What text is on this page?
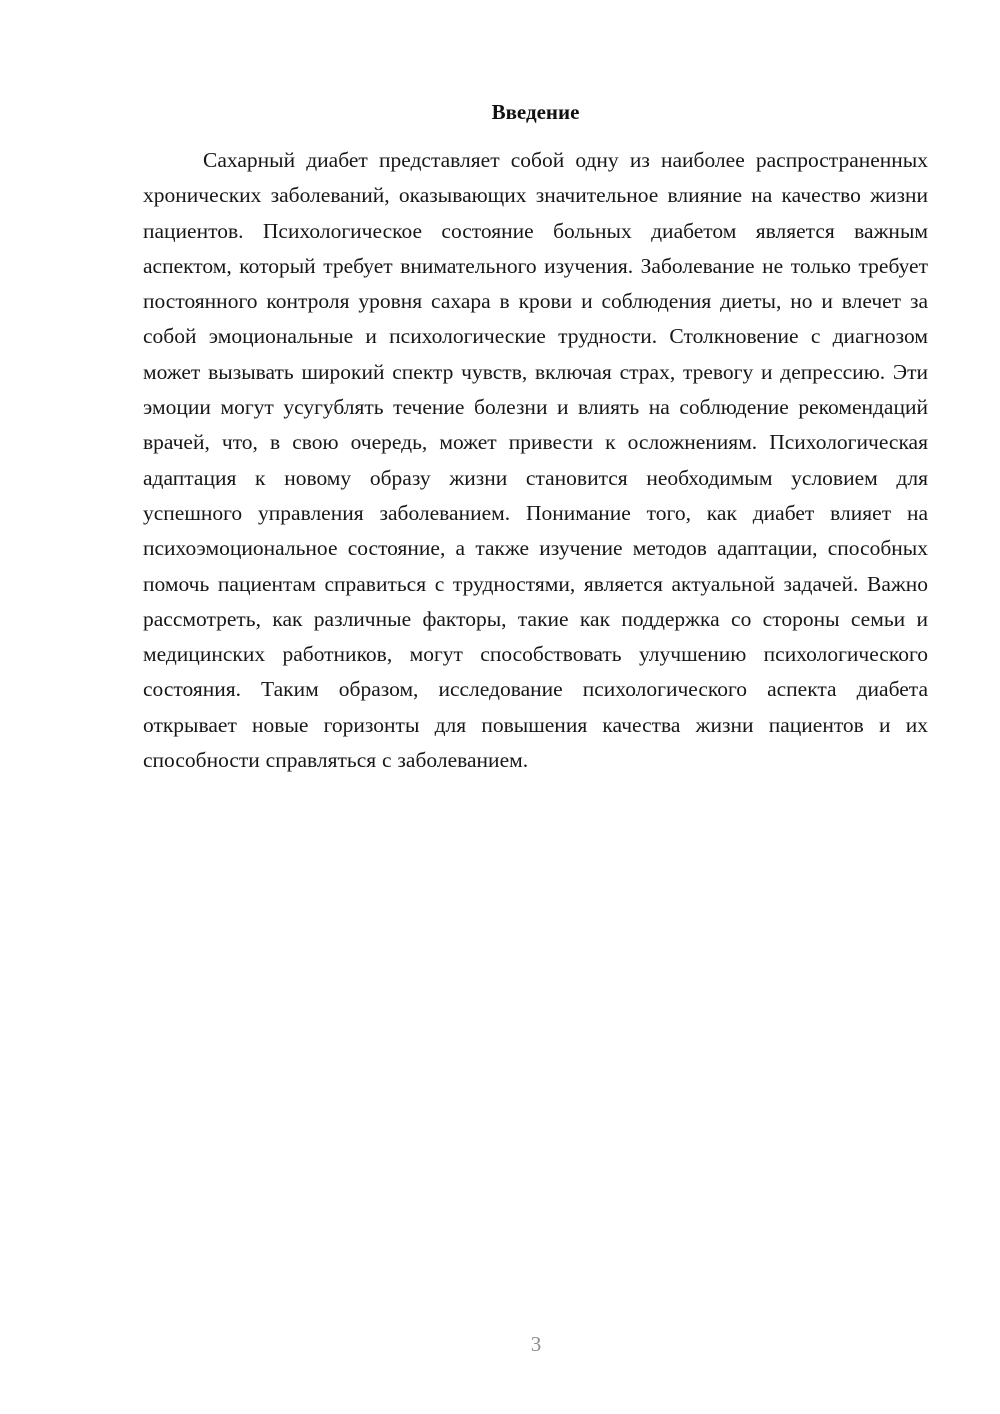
Введение

Сахарный диабет представляет собой одну из наиболее распространенных хронических заболеваний, оказывающих значительное влияние на качество жизни пациентов. Психологическое состояние больных диабетом является важным аспектом, который требует внимательного изучения. Заболевание не только требует постоянного контроля уровня сахара в крови и соблюдения диеты, но и влечет за собой эмоциональные и психологические трудности. Столкновение с диагнозом может вызывать широкий спектр чувств, включая страх, тревогу и депрессию. Эти эмоции могут усугублять течение болезни и влиять на соблюдение рекомендаций врачей, что, в свою очередь, может привести к осложнениям. Психологическая адаптация к новому образу жизни становится необходимым условием для успешного управления заболеванием. Понимание того, как диабет влияет на психоэмоциональное состояние, а также изучение методов адаптации, способных помочь пациентам справиться с трудностями, является актуальной задачей. Важно рассмотреть, как различные факторы, такие как поддержка со стороны семьи и медицинских работников, могут способствовать улучшению психологического состояния. Таким образом, исследование психологического аспекта диабета открывает новые горизонты для повышения качества жизни пациентов и их способности справляться с заболеванием.

3
